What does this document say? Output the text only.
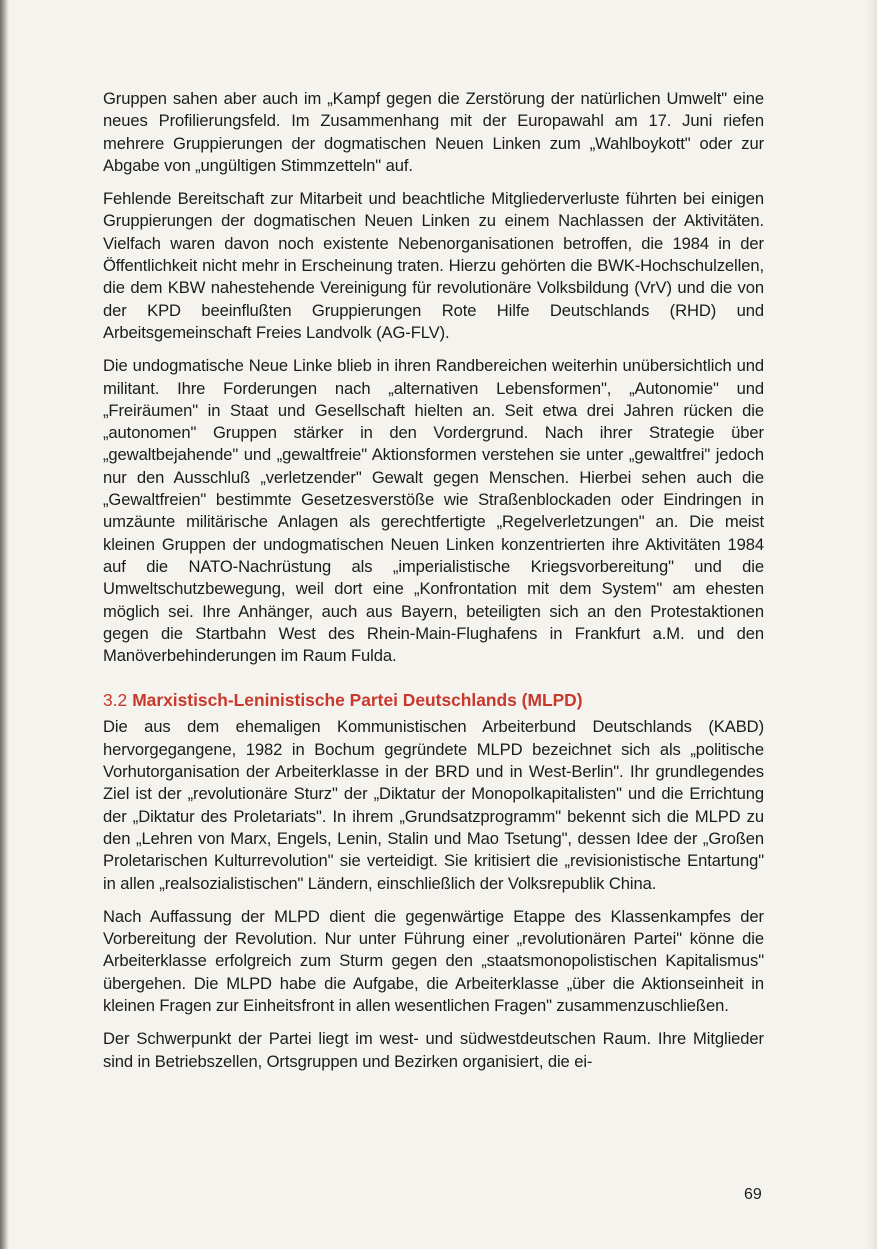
Gruppen sahen aber auch im „Kampf gegen die Zerstörung der natürlichen Umwelt" eine neues Profilierungsfeld. Im Zusammenhang mit der Europawahl am 17. Juni riefen mehrere Gruppierungen der dogmatischen Neuen Linken zum „Wahlboykott" oder zur Abgabe von „ungültigen Stimmzetteln" auf.

Fehlende Bereitschaft zur Mitarbeit und beachtliche Mitgliederverluste führten bei einigen Gruppierungen der dogmatischen Neuen Linken zu einem Nachlassen der Aktivitäten. Vielfach waren davon noch existente Nebenorganisationen betroffen, die 1984 in der Öffentlichkeit nicht mehr in Erscheinung traten. Hierzu gehörten die BWK-Hochschulzellen, die dem KBW nahestehende Vereinigung für revolutionäre Volksbildung (VrV) und die von der KPD beeinflußten Gruppierungen Rote Hilfe Deutschlands (RHD) und Arbeitsgemeinschaft Freies Landvolk (AG-FLV).

Die undogmatische Neue Linke blieb in ihren Randbereichen weiterhin unübersichtlich und militant. Ihre Forderungen nach „alternativen Lebensformen", „Autonomie" und „Freiräumen" in Staat und Gesellschaft hielten an. Seit etwa drei Jahren rücken die „autonomen" Gruppen stärker in den Vordergrund. Nach ihrer Strategie über „gewaltbejahende" und „gewaltfreie" Aktionsformen verstehen sie unter „gewaltfrei" jedoch nur den Ausschluß „verletzender" Gewalt gegen Menschen. Hierbei sehen auch die „Gewaltfreien" bestimmte Gesetzesverstöße wie Straßenblockaden oder Eindringen in umzäunte militärische Anlagen als gerechtfertigte „Regelverletzungen" an. Die meist kleinen Gruppen der undogmatischen Neuen Linken konzentrierten ihre Aktivitäten 1984 auf die NATO-Nachrüstung als „imperialistische Kriegsvorbereitung" und die Umweltschutzbewegung, weil dort eine „Konfrontation mit dem System" am ehesten möglich sei. Ihre Anhänger, auch aus Bayern, beteiligten sich an den Protestaktionen gegen die Startbahn West des Rhein-Main-Flughafens in Frankfurt a.M. und den Manöverbehinderungen im Raum Fulda.

3.2 Marxistisch-Leninistische Partei Deutschlands (MLPD)

Die aus dem ehemaligen Kommunistischen Arbeiterbund Deutschlands (KABD) hervorgegangene, 1982 in Bochum gegründete MLPD bezeichnet sich als „politische Vorhutorganisation der Arbeiterklasse in der BRD und in West-Berlin". Ihr grundlegendes Ziel ist der „revolutionäre Sturz" der „Diktatur der Monopolkapitalisten" und die Errichtung der „Diktatur des Proletariats". In ihrem „Grundsatzprogramm" bekennt sich die MLPD zu den „Lehren von Marx, Engels, Lenin, Stalin und Mao Tsetung", dessen Idee der „Großen Proletarischen Kulturrevolution" sie verteidigt. Sie kritisiert die „revisionistische Entartung" in allen „realsozialistischen" Ländern, einschließlich der Volksrepublik China.

Nach Auffassung der MLPD dient die gegenwärtige Etappe des Klassenkampfes der Vorbereitung der Revolution. Nur unter Führung einer „revolutionären Partei" könne die Arbeiterklasse erfolgreich zum Sturm gegen den „staatsmonopolistischen Kapitalismus" übergehen. Die MLPD habe die Aufgabe, die Arbeiterklasse „über die Aktionseinheit in kleinen Fragen zur Einheitsfront in allen wesentlichen Fragen" zusammenzuschließen.

Der Schwerpunkt der Partei liegt im west- und südwestdeutschen Raum. Ihre Mitglieder sind in Betriebszellen, Ortsgruppen und Bezirken organisiert, die ei-

69
